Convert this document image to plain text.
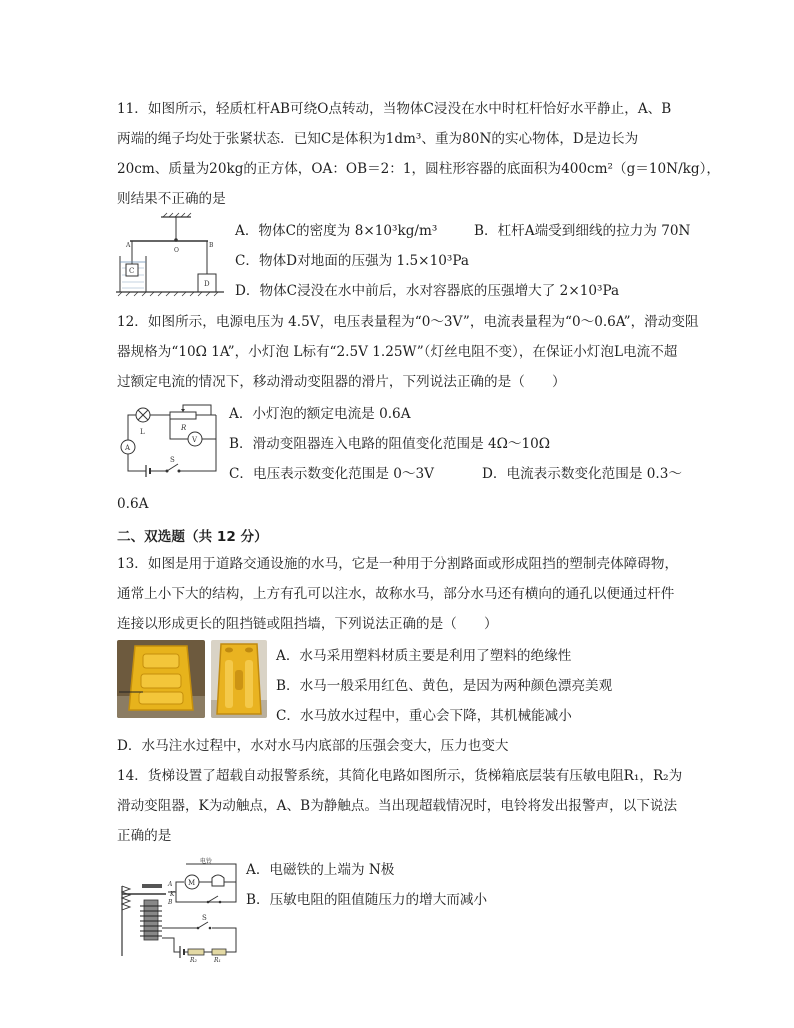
11．如图所示，轻质杠杆AB可绕O点转动，当物体C浸没在水中时杠杆恰好水平静止，A、B
两端的绳子均处于张紧状态．已知C是体积为1dm³、重为80N的实心物体，D是边长为
20cm、质量为20kg的正方体，OA：OB＝2：1，圆柱形容器的底面积为400cm²（g＝10N/kg），
则结果不正确的是
A
O
B
C
D
A．物体C的密度为 8×10³kg/m³	B．杠杆A端受到细线的拉力为 70N
C．物体D对地面的压强为 1.5×10³Pa
D．物体C浸没在水中前后，水对容器底的压强增大了 2×10³Pa
12．如图所示，电源电压为 4.5V，电压表量程为“0～3V”，电流表量程为“0～0.6A”，滑动变阻
器规格为“10Ω 1A”，小灯泡 L标有“2.5V 1.25W”（灯丝电阻不变），在保证小灯泡L电流不超
过额定电流的情况下，移动滑动变阻器的滑片，下列说法正确的是（　　）
R
L
V
A
S
A．小灯泡的额定电流是 0.6A
B．滑动变阻器连入电路的阻值变化范围是 4Ω～10Ω
C．电压表示数变化范围是 0～3V	D．电流表示数变化范围是 0.3～
0.6A
二、双选题（共 12 分）
13．如图是用于道路交通设施的水马，它是一种用于分割路面或形成阻挡的塑制壳体障碍物，
通常上小下大的结构，上方有孔可以注水，故称水马，部分水马还有横向的通孔以便通过杆件
连接以形成更长的阻挡链或阻挡墙，下列说法正确的是（　　）
A．水马采用塑料材质主要是利用了塑料的绝缘性
B．水马一般采用红色、黄色，是因为两种颜色漂亮美观
C．水马放水过程中，重心会下降，其机械能减小
D．水马注水过程中，水对水马内底部的压强会变大，压力也变大
14．货梯设置了超载自动报警系统，其简化电路如图所示，货梯箱底层装有压敏电阻R₁，R₂为
滑动变阻器，K为动触点，A、B为静触点。当出现超载情况时，电铃将发出报警声，以下说法
正确的是
K
M
电铃
A
B
R₂	R₁
S
A．电磁铁的上端为 N极
B．压敏电阻的阻值随压力的增大而减小
